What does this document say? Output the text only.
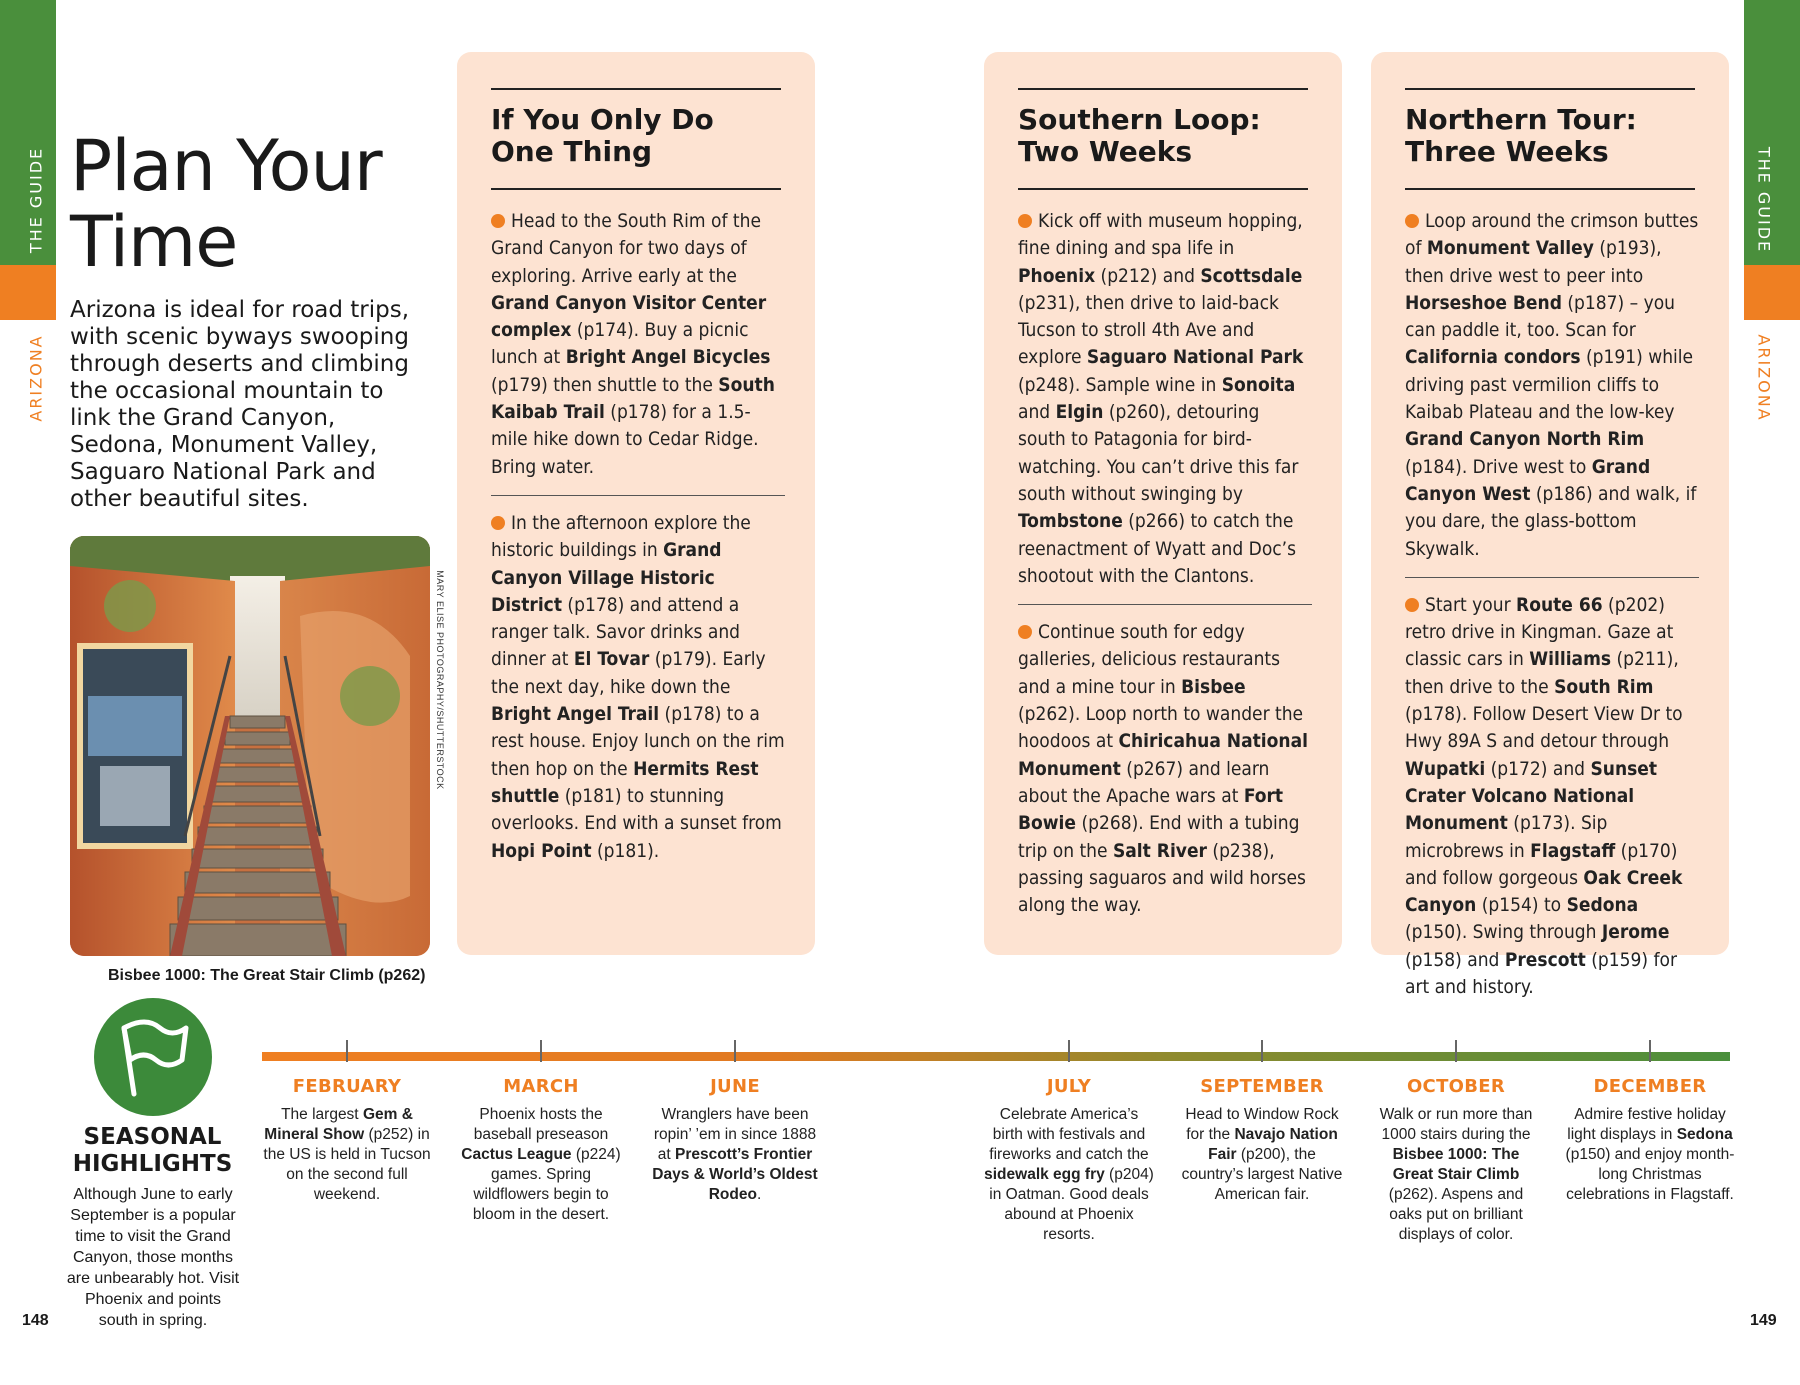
THE GUIDE
ARIZONA
THE GUIDE
ARIZONA
Plan Your
Time

Arizona is ideal for road trips, with scenic byways swooping through deserts and climbing the occasional mountain to link the Grand Canyon, Sedona, Monument Valley, Saguaro National Park and other beautiful sites.

MARY ELISE PHOTOGRAPHY/SHUTTERSTOCK
Bisbee 1000: The Great Stair Climb (p262)
If You Only Do One Thing

Head to the South Rim of the Grand Canyon for two days of exploring. Arrive early at the Grand Canyon Visitor Center complex (p174). Buy a picnic lunch at Bright Angel Bicycles (p179) then shuttle to the South Kaibab Trail (p178) for a 1.5-mile hike down to Cedar Ridge. Bring water.

In the afternoon explore the historic buildings in Grand Canyon Village Historic District (p178) and attend a ranger talk. Savor drinks and dinner at El Tovar (p179). Early the next day, hike down the Bright Angel Trail (p178) to a rest house. Enjoy lunch on the rim then hop on the Hermits Rest shuttle (p181) to stunning overlooks. End with a sunset from Hopi Point (p181).

Southern Loop: Two Weeks

Kick off with museum hopping, fine dining and spa life in Phoenix (p212) and Scottsdale (p231), then drive to laid-back Tucson to stroll 4th Ave and explore Saguaro National Park (p248). Sample wine in Sonoita and Elgin (p260), detouring south to Patagonia for bird-watching. You can’t drive this far south without swinging by Tombstone (p266) to catch the reenactment of Wyatt and Doc’s shootout with the Clantons.

Continue south for edgy galleries, delicious restaurants and a mine tour in Bisbee (p262). Loop north to wander the hoodoos at Chiricahua National Monument (p267) and learn about the Apache wars at Fort Bowie (p268). End with a tubing trip on the Salt River (p238), passing saguaros and wild horses along the way.

Northern Tour: Three Weeks

Loop around the crimson buttes of Monument Valley (p193), then drive west to peer into Horseshoe Bend (p187) – you can paddle it, too. Scan for California condors (p191) while driving past vermilion cliffs to Kaibab Plateau and the low-key Grand Canyon North Rim (p184). Drive west to Grand Canyon West (p186) and walk, if you dare, the glass-bottom Skywalk.

Start your Route 66 (p202) retro drive in Kingman. Gaze at classic cars in Williams (p211), then drive to the South Rim (p178). Follow Desert View Dr to Hwy 89A S and detour through Wupatki (p172) and Sunset Crater Volcano National Monument (p173). Sip microbrews in Flagstaff (p170) and follow gorgeous Oak Creek Canyon (p154) to Sedona (p150). Swing through Jerome (p158) and Prescott (p159) for art and history.

SEASONAL
HIGHLIGHTS

Although June to early September is a popular time to visit the Grand Canyon, those months are unbearably hot. Visit Phoenix and points south in spring.

FEBRUARY
The largest Gem & Mineral Show (p252) in the US is held in Tucson on the second full weekend.
MARCH
Phoenix hosts the baseball preseason Cactus League (p224) games. Spring wildflowers begin to bloom in the desert.
JUNE
Wranglers have been ropin’ ’em in since 1888 at Prescott’s Frontier Days & World’s Oldest Rodeo.
JULY
Celebrate America’s birth with festivals and fireworks and catch the sidewalk egg fry (p204) in Oatman. Good deals abound at Phoenix resorts.
SEPTEMBER
Head to Window Rock for the Navajo Nation Fair (p200), the country’s largest Native American fair.
OCTOBER
Walk or run more than 1000 stairs during the Bisbee 1000: The Great Stair Climb (p262). Aspens and oaks put on brilliant displays of color.
DECEMBER
Admire festive holiday light displays in Sedona (p150) and enjoy month-long Christmas celebrations in Flagstaff.
148	149
